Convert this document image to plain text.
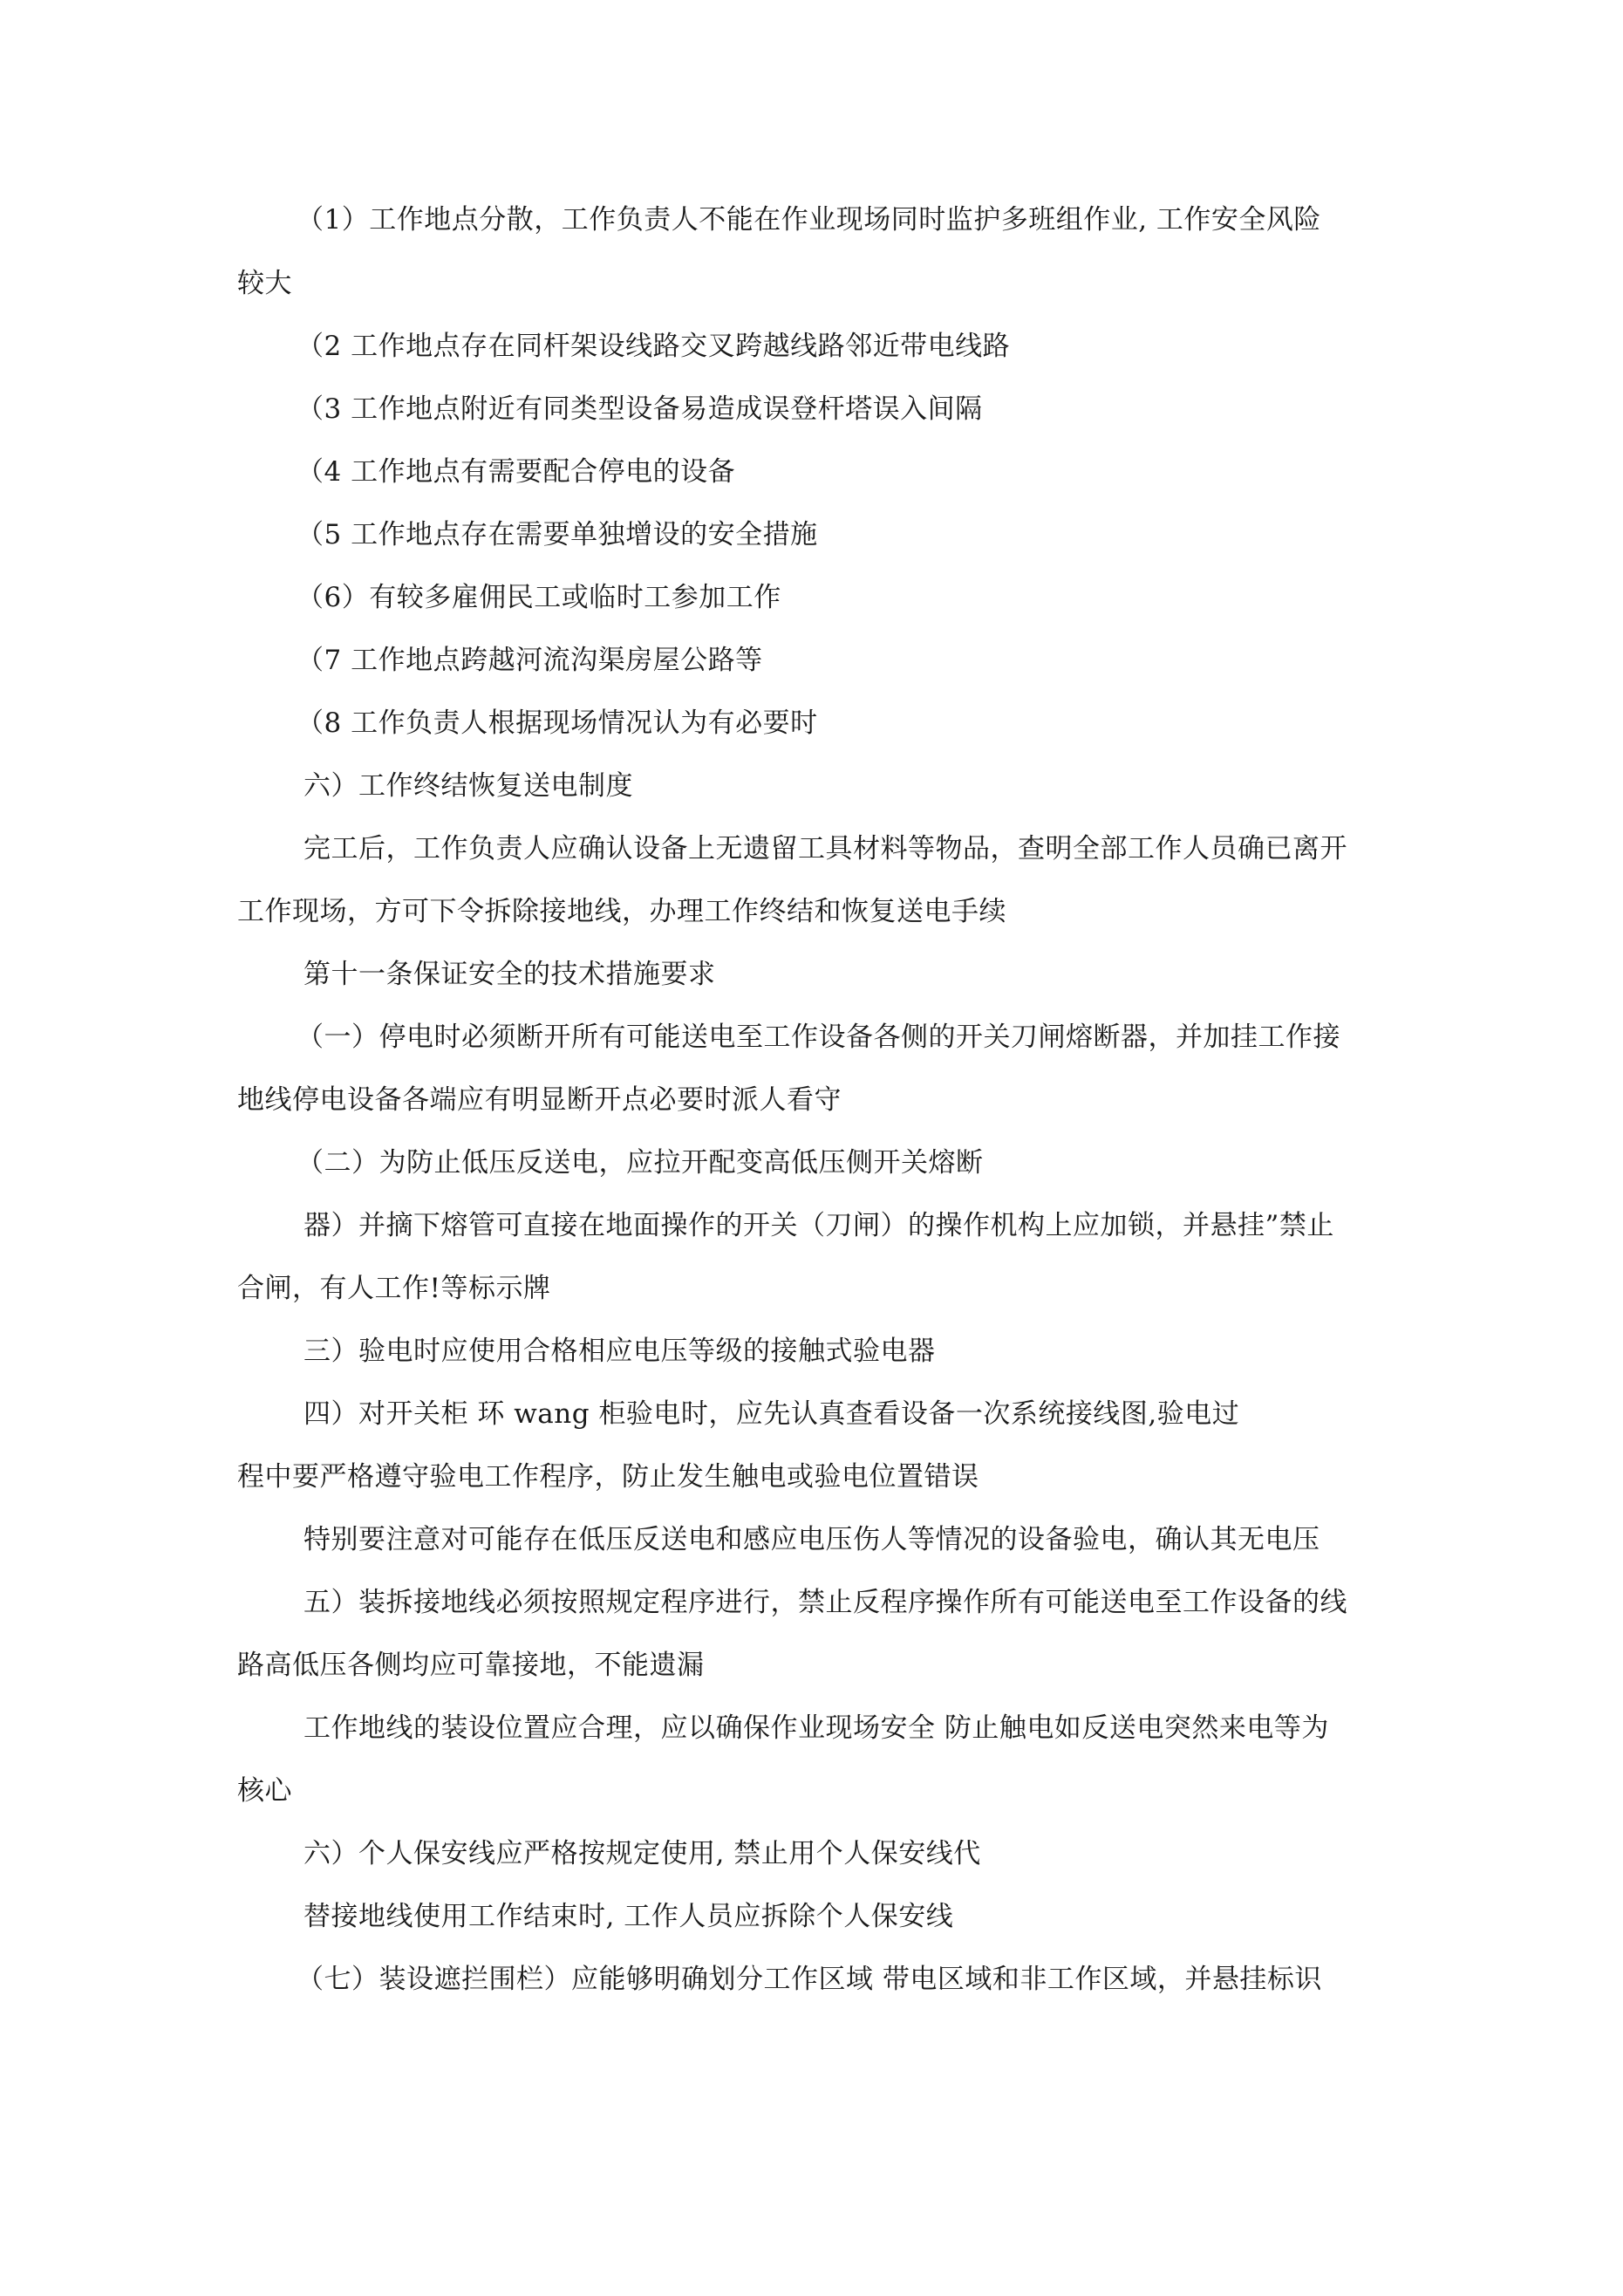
（1）工作地点分散，工作负责人不能在作业现场同时监护多班组作业, 工作安全风险
较大
（2 工作地点存在同杆架设线路交叉跨越线路邻近带电线路
（3 工作地点附近有同类型设备易造成误登杆塔误入间隔
（4 工作地点有需要配合停电的设备
（5 工作地点存在需要单独增设的安全措施
（6）有较多雇佣民工或临时工参加工作
（7 工作地点跨越河流沟渠房屋公路等
（8 工作负责人根据现场情况认为有必要时
六）工作终结恢复送电制度
完工后，工作负责人应确认设备上无遗留工具材料等物品，查明全部工作人员确已离开
工作现场，方可下令拆除接地线，办理工作终结和恢复送电手续
第十一条保证安全的技术措施要求
（一）停电时必须断开所有可能送电至工作设备各侧的开关刀闸熔断器，并加挂工作接
地线停电设备各端应有明显断开点必要时派人看守
（二）为防止低压反送电，应拉开配变高低压侧开关熔断
器）并摘下熔管可直接在地面操作的开关（刀闸）的操作机构上应加锁，并悬挂”禁止
合闸，有人工作!等标示牌
三）验电时应使用合格相应电压等级的接触式验电器
四）对开关柜 环 wang 柜验电时，应先认真查看设备一次系统接线图,验电过
程中要严格遵守验电工作程序，防止发生触电或验电位置错误
特别要注意对可能存在低压反送电和感应电压伤人等情况的设备验电，确认其无电压
五）装拆接地线必须按照规定程序进行，禁止反程序操作所有可能送电至工作设备的线
路高低压各侧均应可靠接地，不能遗漏
工作地线的装设位置应合理，应以确保作业现场安全 防止触电如反送电突然来电等为
核心
六）个人保安线应严格按规定使用, 禁止用个人保安线代
替接地线使用工作结束时, 工作人员应拆除个人保安线
（七）装设遮拦围栏）应能够明确划分工作区域 带电区域和非工作区域，并悬挂标识
